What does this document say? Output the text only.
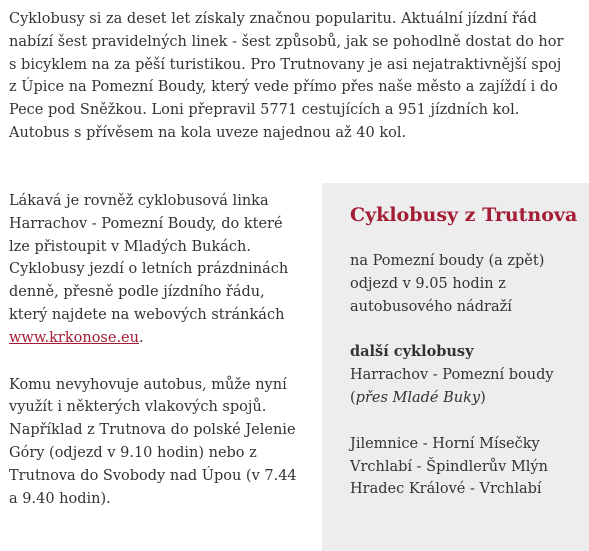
Cyklobusy si za deset let získaly značnou popularitu. Aktuální jízdní řád nabízí šest pravidelných linek - šest způsobů, jak se pohodlně dostat do hor s bicyklem na za pěší turistikou. Pro Trutnovany je asi nejatraktivnější spoj z Úpice na Pomezní Boudy, který vede přímo přes naše město a zajíždí i do Pece pod Sněžkou. Loni přepravil 5771 cestujících a 951 jízdních kol. Autobus s přívěsem na kola uveze najednou až 40 kol.

Lákavá je rovněž cyklobusová linka Harrachov - Pomezní Boudy, do které lze přistoupit v Mladých Bukách. Cyklobusy jezdí o letních prázdninách denně, přesně podle jízdního řádu, který najdete na webových stránkách www.krkonose.eu.

Komu nevyhovuje autobus, může nyní využít i některých vlakových spojů. Například z Trutnova do polské Jelenie Góry (odjezd v 9.10 hodin) nebo z Trutnova do Svobody nad Úpou (v 7.44 a 9.40 hodin).

Cyklobusy z Trutnova

na Pomezní boudy (a zpět) odjezd v 9.05 hodin z autobusového nádraží

další cyklobusy

Harrachov - Pomezní boudy

(přes Mladé Buky)

Jilemnice - Horní Mísečky

Vrchlabí - Špindlerův Mlýn

Hradec Králové - Vrchlabí
